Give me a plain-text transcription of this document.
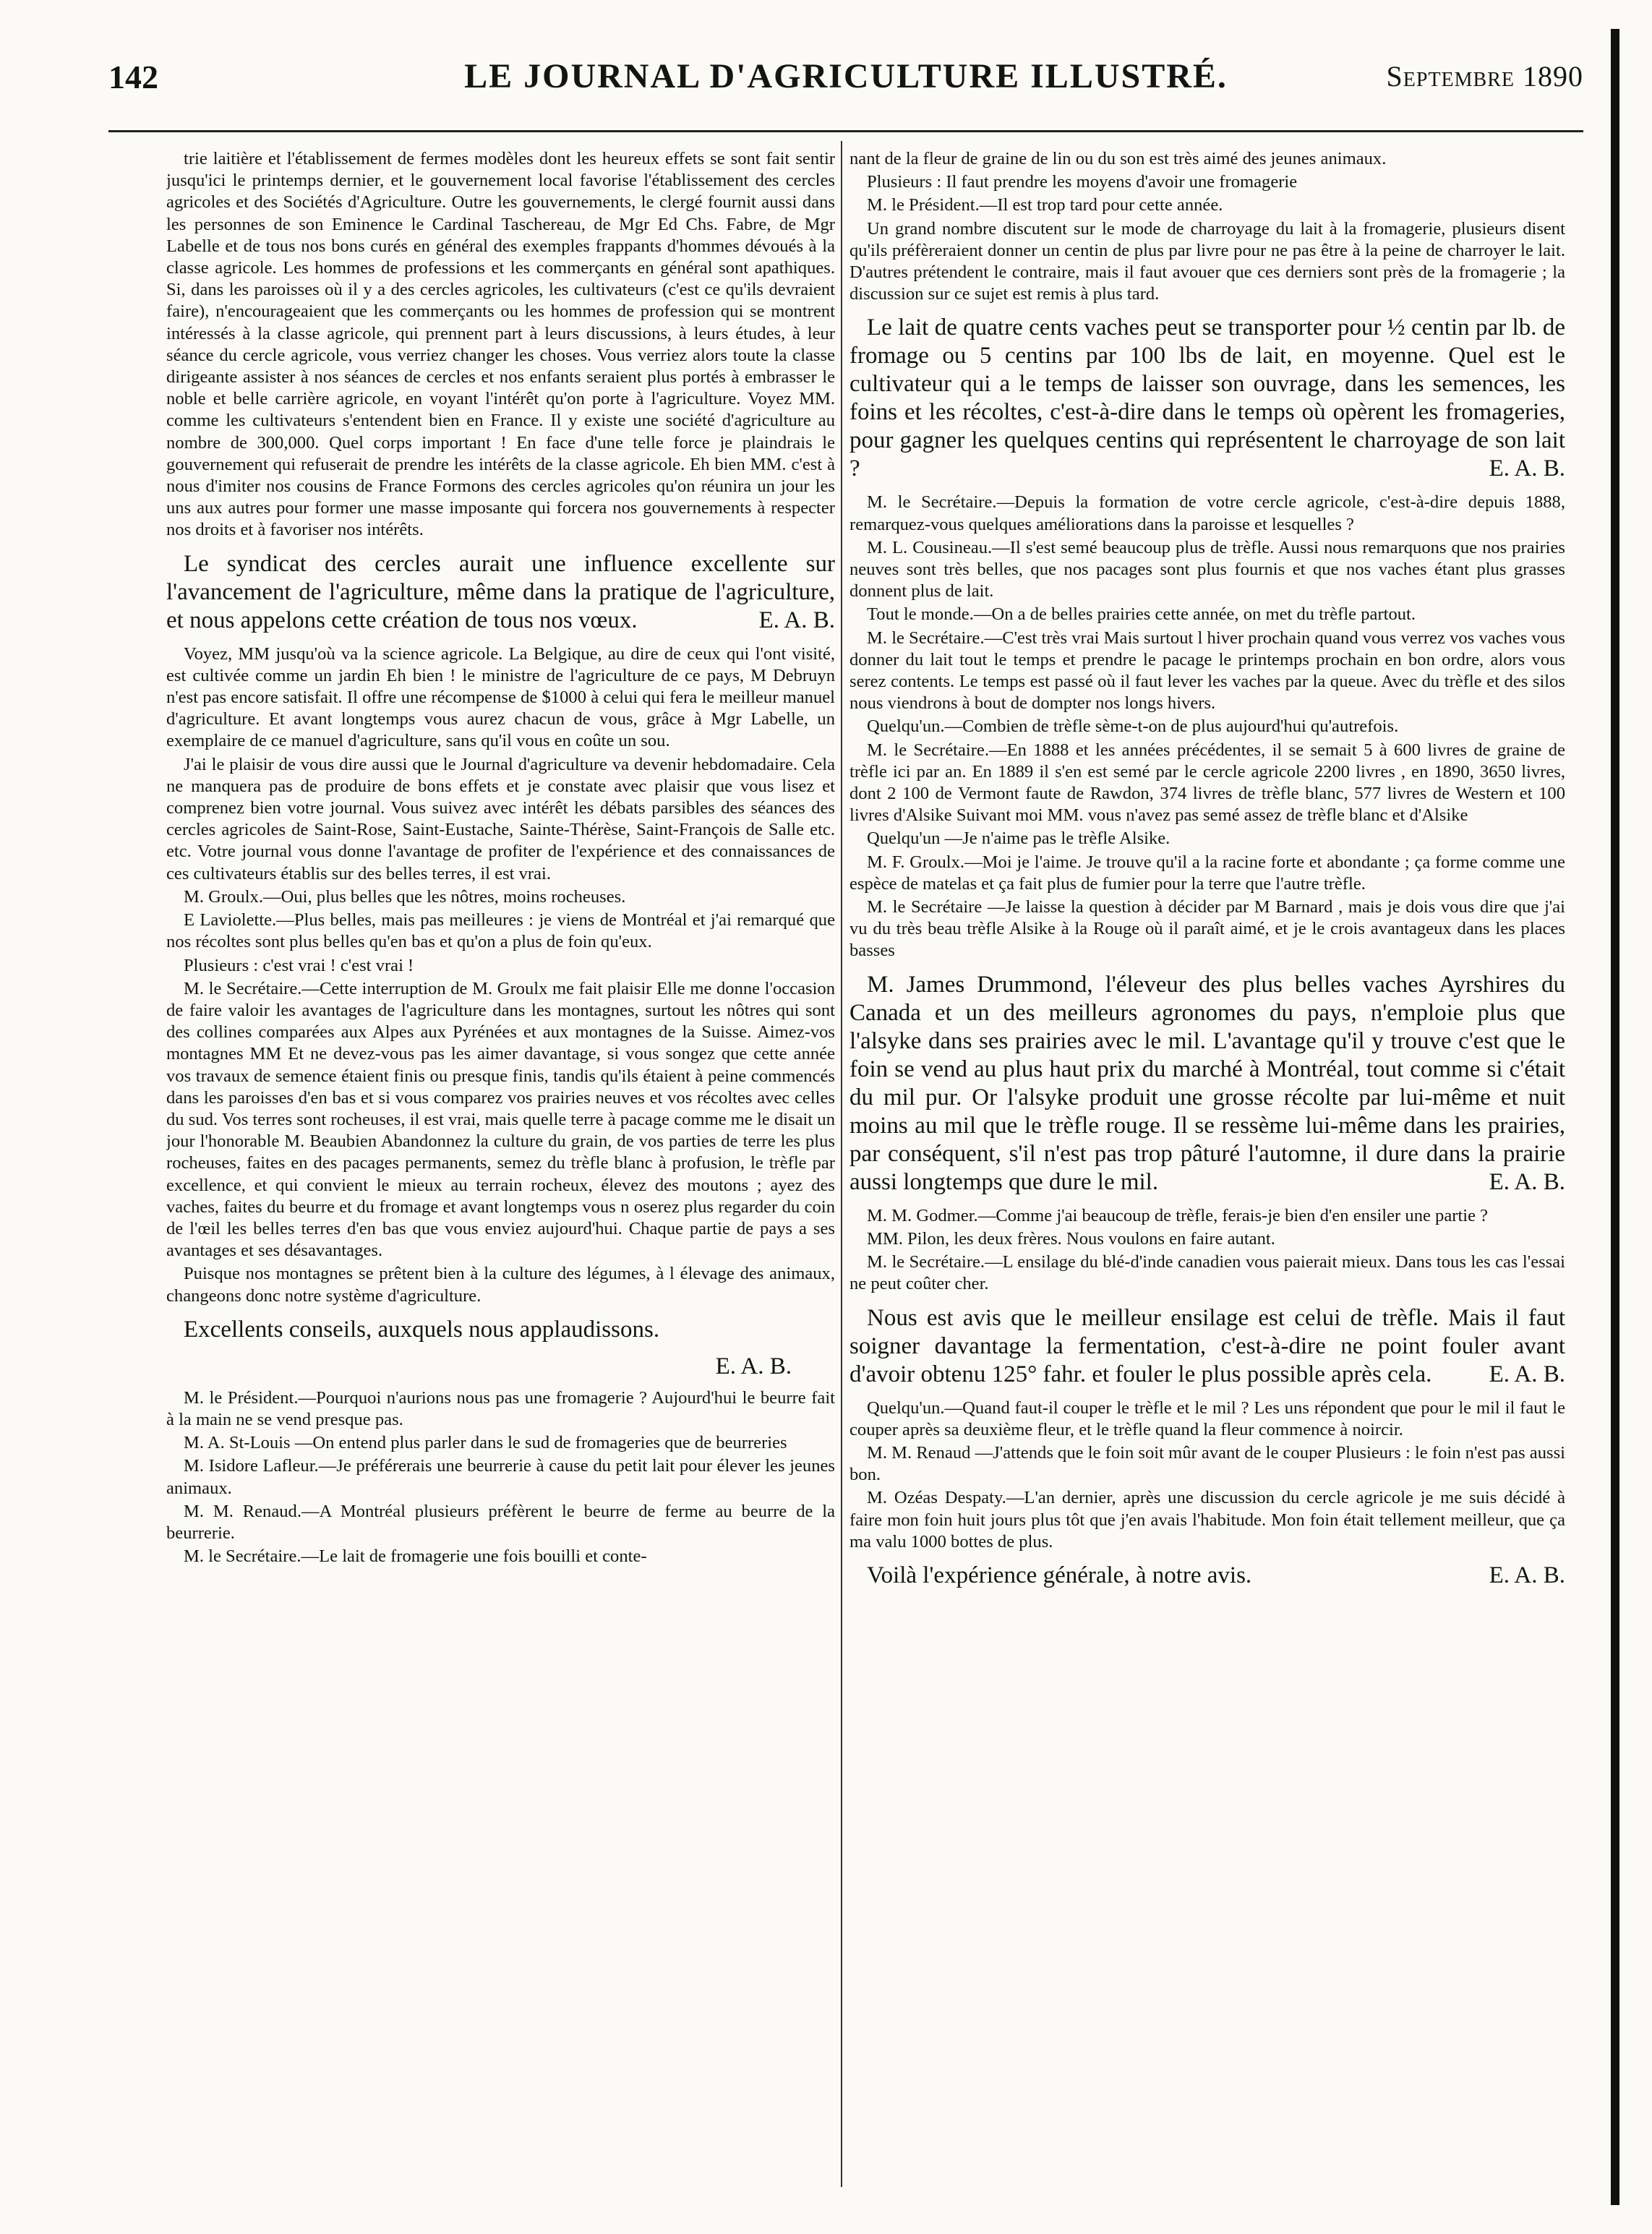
142	LE JOURNAL D'AGRICULTURE ILLUSTRÉ.	Septembre 1890

trie laitière et l'établissement de fermes modèles dont les heureux effets se sont fait sentir jusqu'ici le printemps dernier, et le gouvernement local favorise l'établissement des cercles agricoles et des Sociétés d'Agriculture. Outre les gouvernements, le clergé fournit aussi dans les personnes de son Eminence le Cardinal Taschereau, de Mgr Ed Chs. Fabre, de Mgr Labelle et de tous nos bons curés en général des exemples frappants d'hommes dévoués à la classe agricole. Les hommes de professions et les commerçants en général sont apathiques. Si, dans les paroisses où il y a des cercles agricoles, les cultivateurs (c'est ce qu'ils devraient faire), n'encourageaient que les commerçants ou les hommes de profession qui se montrent intéressés à la classe agricole, qui prennent part à leurs discussions, à leurs études, à leur séance du cercle agricole, vous verriez changer les choses. Vous verriez alors toute la classe dirigeante assister à nos séances de cercles et nos enfants seraient plus portés à embrasser le noble et belle carrière agricole, en voyant l'intérêt qu'on porte à l'agriculture. Voyez MM. comme les cultivateurs s'entendent bien en France. Il y existe une société d'agriculture au nombre de 300,000. Quel corps important ! En face d'une telle force je plaindrais le gouvernement qui refuserait de prendre les intérêts de la classe agricole. Eh bien MM. c'est à nous d'imiter nos cousins de France Formons des cercles agricoles qu'on réunira un jour les uns aux autres pour former une masse imposante qui forcera nos gouvernements à respecter nos droits et à favoriser nos intérêts.

Le syndicat des cercles aurait une influence excellente sur l'avancement de l'agriculture, même dans la pratique de l'agriculture, et nous appelons cette création de tous nos vœux.	E. A. B.

Voyez, MM jusqu'où va la science agricole. La Belgique, au dire de ceux qui l'ont visité, est cultivée comme un jardin Eh bien ! le ministre de l'agriculture de ce pays, M Debruyn n'est pas encore satisfait. Il offre une récompense de $1000 à celui qui fera le meilleur manuel d'agriculture. Et avant longtemps vous aurez chacun de vous, grâce à Mgr Labelle, un exemplaire de ce manuel d'agriculture, sans qu'il vous en coûte un sou.

J'ai le plaisir de vous dire aussi que le Journal d'agriculture va devenir hebdomadaire. Cela ne manquera pas de produire de bons effets et je constate avec plaisir que vous lisez et comprenez bien votre journal. Vous suivez avec intérêt les débats parsibles des séances des cercles agricoles de Saint-Rose, Saint-Eustache, Sainte-Thérèse, Saint-François de Salle etc. etc. Votre journal vous donne l'avantage de profiter de l'expérience et des connaissances de ces cultivateurs établis sur des belles terres, il est vrai.

M. Groulx.—Oui, plus belles que les nôtres, moins rocheuses.

E Laviolette.—Plus belles, mais pas meilleures : je viens de Montréal et j'ai remarqué que nos récoltes sont plus belles qu'en bas et qu'on a plus de foin qu'eux.

Plusieurs : c'est vrai ! c'est vrai !

M. le Secrétaire.—Cette interruption de M. Groulx me fait plaisir Elle me donne l'occasion de faire valoir les avantages de l'agriculture dans les montagnes, surtout les nôtres qui sont des collines comparées aux Alpes aux Pyrénées et aux montagnes de la Suisse. Aimez-vos montagnes MM Et ne devez-vous pas les aimer davantage, si vous songez que cette année vos travaux de semence étaient finis ou presque finis, tandis qu'ils étaient à peine commencés dans les paroisses d'en bas et si vous comparez vos prairies neuves et vos récoltes avec celles du sud. Vos terres sont rocheuses, il est vrai, mais quelle terre à pacage comme me le disait un jour l'honorable M. Beaubien Abandonnez la culture du grain, de vos parties de terre les plus rocheuses, faites en des pacages permanents, semez du trèfle blanc à profusion, le trèfle par excellence, et qui convient le mieux au terrain rocheux, élevez des moutons ; ayez des vaches, faites du beurre et du fromage et avant longtemps vous n oserez plus regarder du coin de l'œil les belles terres d'en bas que vous enviez aujourd'hui. Chaque partie de pays a ses avantages et ses désavantages.

Puisque nos montagnes se prêtent bien à la culture des légumes, à l élevage des animaux, changeons donc notre système d'agriculture.

Excellents conseils, auxquels nous applaudissons.

E. A. B.

M. le Président.—Pourquoi n'aurions nous pas une fromagerie ? Aujourd'hui le beurre fait à la main ne se vend presque pas.

M. A. St-Louis —On entend plus parler dans le sud de fromageries que de beurreries

M. Isidore Lafleur.—Je préférerais une beurrerie à cause du petit lait pour élever les jeunes animaux.

M. M. Renaud.—A Montréal plusieurs préfèrent le beurre de ferme au beurre de la beurrerie.

M. le Secrétaire.—Le lait de fromagerie une fois bouilli et conte-

nant de la fleur de graine de lin ou du son est très aimé des jeunes animaux.

Plusieurs : Il faut prendre les moyens d'avoir une fromagerie

M. le Président.—Il est trop tard pour cette année.

Un grand nombre discutent sur le mode de charroyage du lait à la fromagerie, plusieurs disent qu'ils préfèreraient donner un centin de plus par livre pour ne pas être à la peine de charroyer le lait. D'autres prétendent le contraire, mais il faut avouer que ces derniers sont près de la fromagerie ; la discussion sur ce sujet est remis à plus tard.

Le lait de quatre cents vaches peut se transporter pour ½ centin par lb. de fromage ou 5 centins par 100 lbs de lait, en moyenne. Quel est le cultivateur qui a le temps de laisser son ouvrage, dans les semences, les foins et les récoltes, c'est-à-dire dans le temps où opèrent les fromageries, pour gagner les quelques centins qui représentent le charroyage de son lait ?	E. A. B.

M. le Secrétaire.—Depuis la formation de votre cercle agricole, c'est-à-dire depuis 1888, remarquez-vous quelques améliorations dans la paroisse et lesquelles ?

M. L. Cousineau.—Il s'est semé beaucoup plus de trèfle. Aussi nous remarquons que nos prairies neuves sont très belles, que nos pacages sont plus fournis et que nos vaches étant plus grasses donnent plus de lait.

Tout le monde.—On a de belles prairies cette année, on met du trèfle partout.

M. le Secrétaire.—C'est très vrai Mais surtout l hiver prochain quand vous verrez vos vaches vous donner du lait tout le temps et prendre le pacage le printemps prochain en bon ordre, alors vous serez contents. Le temps est passé où il faut lever les vaches par la queue. Avec du trèfle et des silos nous viendrons à bout de dompter nos longs hivers.

Quelqu'un.—Combien de trèfle sème-t-on de plus aujourd'hui qu'autrefois.

M. le Secrétaire.—En 1888 et les années précédentes, il se semait 5 à 600 livres de graine de trèfle ici par an. En 1889 il s'en est semé par le cercle agricole 2200 livres , en 1890, 3650 livres, dont 2 100 de Vermont faute de Rawdon, 374 livres de trèfle blanc, 577 livres de Western et 100 livres d'Alsike Suivant moi MM. vous n'avez pas semé assez de trèfle blanc et d'Alsike

Quelqu'un —Je n'aime pas le trèfle Alsike.

M. F. Groulx.—Moi je l'aime. Je trouve qu'il a la racine forte et abondante ; ça forme comme une espèce de matelas et ça fait plus de fumier pour la terre que l'autre trèfle.

M. le Secrétaire —Je laisse la question à décider par M Barnard , mais je dois vous dire que j'ai vu du très beau trèfle Alsike à la Rouge où il paraît aimé, et je le crois avantageux dans les places basses

M. James Drummond, l'éleveur des plus belles vaches Ayrshires du Canada et un des meilleurs agronomes du pays, n'emploie plus que l'alsyke dans ses prairies avec le mil. L'avantage qu'il y trouve c'est que le foin se vend au plus haut prix du marché à Montréal, tout comme si c'était du mil pur. Or l'alsyke produit une grosse récolte par lui-même et nuit moins au mil que le trèfle rouge. Il se ressème lui-même dans les prairies, par conséquent, s'il n'est pas trop pâturé l'automne, il dure dans la prairie aussi longtemps que dure le mil.	E. A. B.

M. M. Godmer.—Comme j'ai beaucoup de trèfle, ferais-je bien d'en ensiler une partie ?

MM. Pilon, les deux frères. Nous voulons en faire autant.

M. le Secrétaire.—L ensilage du blé-d'inde canadien vous paierait mieux. Dans tous les cas l'essai ne peut coûter cher.

Nous est avis que le meilleur ensilage est celui de trèfle. Mais il faut soigner davantage la fermentation, c'est-à-dire ne point fouler avant d'avoir obtenu 125° fahr. et fouler le plus possible après cela.	E. A. B.

Quelqu'un.—Quand faut-il couper le trèfle et le mil ? Les uns répondent que pour le mil il faut le couper après sa deuxième fleur, et le trèfle quand la fleur commence à noircir.

M. M. Renaud —J'attends que le foin soit mûr avant de le couper Plusieurs : le foin n'est pas aussi bon.

M. Ozéas Despaty.—L'an dernier, après une discussion du cercle agricole je me suis décidé à faire mon foin huit jours plus tôt que j'en avais l'habitude. Mon foin était tellement meilleur, que ça ma valu 1000 bottes de plus.

Voilà l'expérience générale, à notre avis.	E. A. B.
